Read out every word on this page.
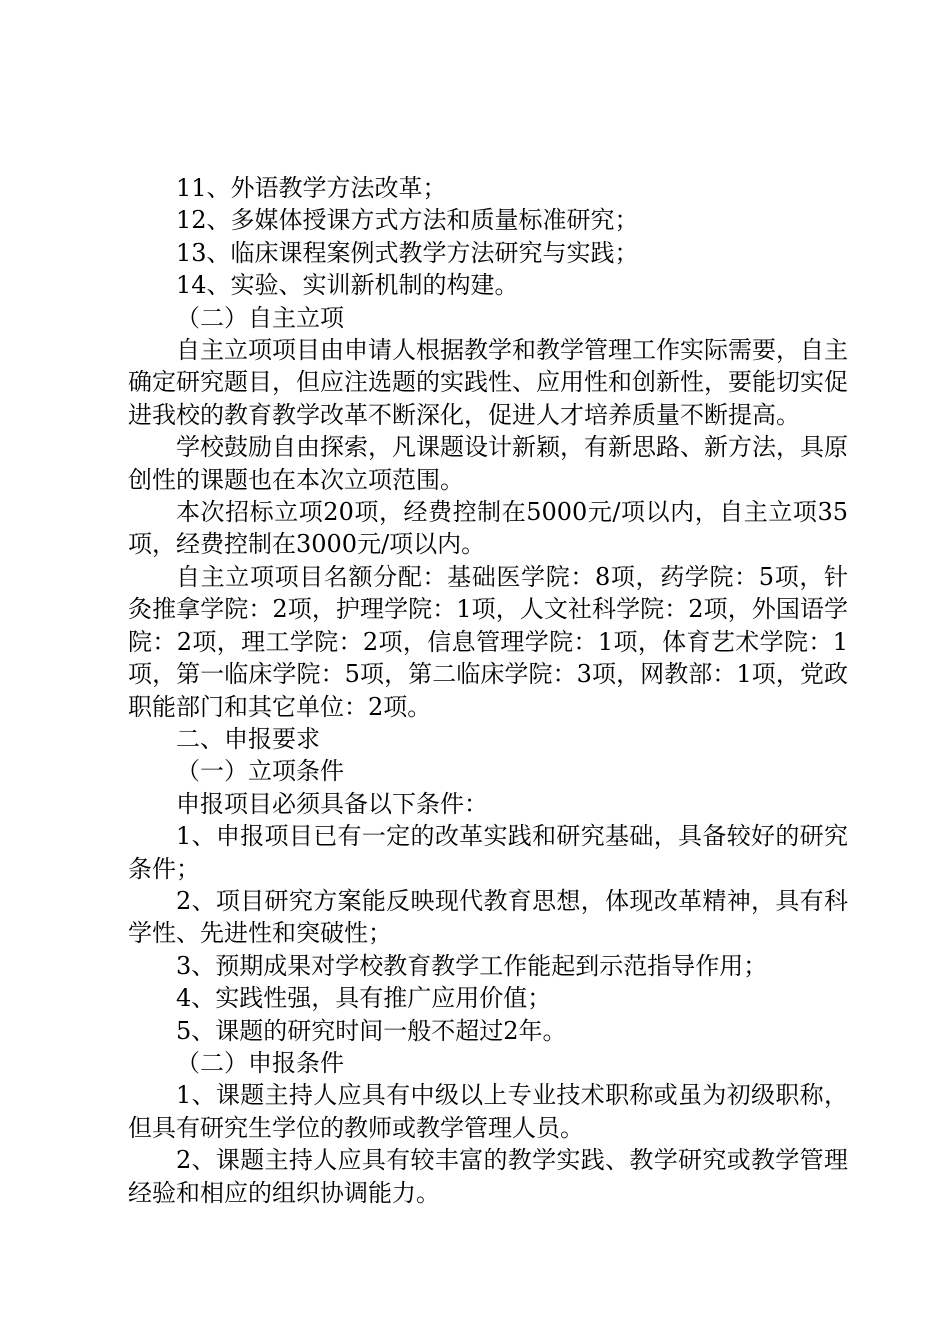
11、外语教学方法改革；

12、多媒体授课方式方法和质量标准研究；

13、临床课程案例式教学方法研究与实践；

14、实验、实训新机制的构建。

（二）自主立项

自主立项项目由申请人根据教学和教学管理工作实际需要，自主确定研究题目，但应注选题的实践性、应用性和创新性，要能切实促进我校的教育教学改革不断深化，促进人才培养质量不断提高。

学校鼓励自由探索，凡课题设计新颖，有新思路、新方法，具原创性的课题也在本次立项范围。

本次招标立项20项，经费控制在5000元/项以内，自主立项35项，经费控制在3000元/项以内。

自主立项项目名额分配：基础医学院：8项，药学院：5项，针灸推拿学院：2项，护理学院：1项，人文社科学院：2项，外国语学院：2项，理工学院：2项，信息管理学院：1项，体育艺术学院：1项，第一临床学院：5项，第二临床学院：3项，网教部：1项，党政职能部门和其它单位：2项。

二、申报要求

（一）立项条件

申报项目必须具备以下条件：

1、申报项目已有一定的改革实践和研究基础，具备较好的研究条件；

2、项目研究方案能反映现代教育思想，体现改革精神，具有科学性、先进性和突破性；

3、预期成果对学校教育教学工作能起到示范指导作用；

4、实践性强，具有推广应用价值；

5、课题的研究时间一般不超过2年。

（二）申报条件

1、课题主持人应具有中级以上专业技术职称或虽为初级职称，但具有研究生学位的教师或教学管理人员。

2、课题主持人应具有较丰富的教学实践、教学研究或教学管理经验和相应的组织协调能力。
